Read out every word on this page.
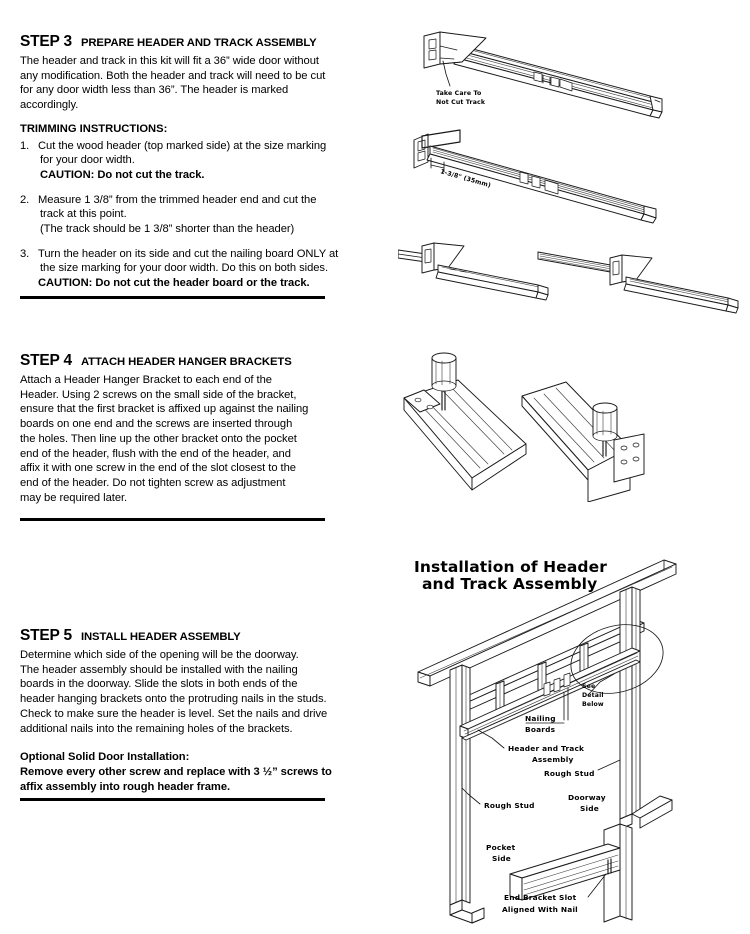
STEP 3 PREPARE HEADER AND TRACK ASSEMBLY

The header and track in this kit will fit a 36” wide door without
any modification. Both the header and track will need to be cut
for any door width less than 36”. The header is marked accordingly.

TRIMMING INSTRUCTIONS:

1. Cut the wood header (top marked side) at the size marking
for your door width.
CAUTION: Do not cut the track.
2. Measure 1 3/8” from the trimmed header end and cut the
track at this point.
(The track should be 1 3/8” shorter than the header)
3. Turn the header on its side and cut the nailing board ONLY at
the size marking for your door width. Do this on both sides.
CAUTION: Do not cut the header board or the track.
STEP 4 ATTACH HEADER HANGER BRACKETS

Attach a Header Hanger Bracket to each end of the
Header. Using 2 screws on the small side of the bracket,
ensure that the first bracket is affixed up against the nailing
boards on one end and the screws are inserted through
the holes. Then line up the other bracket onto the pocket
end of the header, flush with the end of the header, and
affix it with one screw in the end of the slot closest to the
end of the header. Do not tighten screw as adjustment
may be required later.

STEP 5 INSTALL HEADER ASSEMBLY

Determine which side of the opening will be the doorway.
The header assembly should be installed with the nailing
boards in the doorway. Slide the slots in both ends of the
header hanging brackets onto the protruding nails in the studs.
Check to make sure the header is level. Set the nails and drive
additional nails into the remaining holes of the brackets.

Optional Solid Door Installation:

Remove every other screw and replace with 3 ½” screws to
affix assembly into rough header frame.

Take Care To
Not Cut Track
1-3/8" (35mm)
Installation of Header
and Track Assembly
See
Detail
Below
Nailing
Boards
Header and Track
Assembly
Rough Stud
Rough Stud
Doorway
Side
Pocket
Side
End Bracket Slot
Aligned With Nail
